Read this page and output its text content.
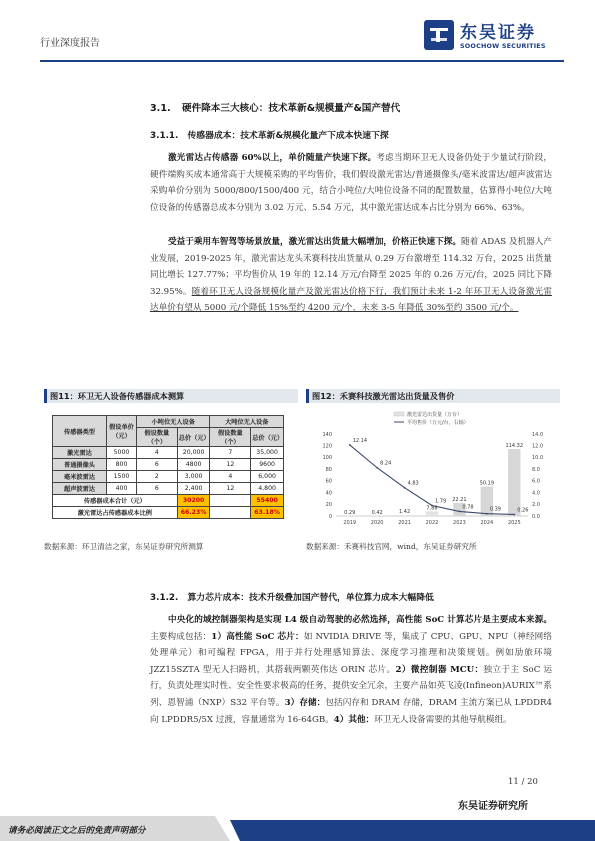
行业深度报告
东吴证券
SOOCHOW SECURITIES
3.1. 硬件降本三大核心：技术革新&规模量产&国产替代
3.1.1. 传感器成本：技术革新&规模化量产下成本快速下探
激光雷达占传感器 60%以上，单价随量产快速下探。考虑当期环卫无人设备仍处于少量试行阶段，硬件端购买成本通常高于大规模采购的平均售价，我们假设激光雷达/普通摄像头/毫米波雷达/超声波雷达采购单价分别为 5000/800/1500/400 元，结合小吨位/大吨位设备不同的配置数量，估算得小吨位/大吨位设备的传感器总成本分别为 3.02 万元、5.54 万元，其中激光雷达成本占比分别为 66%、63%。
受益于乘用车智驾等场景放量，激光雷达出货量大幅增加，价格正快速下探。随着 ADAS 及机器人产业发展，2019-2025 年，激光雷达龙头禾赛科技出货量从 0.29 万台激增至 114.32 万台，2025 出货量同比增长 127.77%；平均售价从 19 年的 12.14 万元/台降至 2025 年的 0.26 万元/台，2025 同比下降 32.95%。随着环卫无人设备规模化量产及激光雷达价格下行，我们预计未来 1-2 年环卫无人设备激光雷达单价有望从 5000 元/个降低 15%至约 4200 元/个，未来 3-5 年降低 30%至约 3500 元/个。
图11：环卫无人设备传感器成本测算
传感器类型	假设单价（元）	小吨位无人设备		大吨位无人设备	
		假设数量（个）	总价（元）	假设数量（个）	总价（元）
激光雷达	5000	4	20,000	7	35,000
普通摄像头	800	6	4800	12	9600
毫米波雷达	1500	2	3,000	4	6,000
超声波雷达	400	6	2,400	12	4,800
传感器成本合计（元）			30200		55400
激光雷达占传感器成本比例			66.23%		63.18%
数据来源：环卫清洁之家，东吴证券研究所测算
图12：禾赛科技激光雷达出货量及售价
激光雷达出货量（万台）
平均售价（万元/台，右轴）
0
20
40
60
80
100
120
140
0.0
2.0
4.0
6.0
8.0
10.0
12.0
14.0
2019	2020	2021	2022	2023	2024	2025
0.29	0.42	1.42
7.88
22.21
50.19
114.32
12.14
8.24
4.83
1.79
0.78	0.39	0.26
数据来源：禾赛科技官网，wind，东吴证券研究所
3.1.2. 算力芯片成本：技术升级叠加国产替代，单位算力成本大幅降低
中央化的域控制器架构是实现 L4 级自动驾驶的必然选择，高性能 SoC 计算芯片是主要成本来源。主要构成包括：1）高性能 SoC 芯片：如 NVIDIA DRIVE 等，集成了 CPU、GPU、NPU（神经网络处理单元）和可编程 FPGA，用于并行处理感知算法、深度学习推理和决策规划。例如劢旅环境 JZZ15SZTA 型无人扫路机，其搭载两颗英伟达 ORIN 芯片。2）微控制器 MCU：独立于主 SoC 运行，负责处理实时性、安全性要求极高的任务，提供安全冗余，主要产品如英飞凌(Infineon)AURIX™系列、恩智浦（NXP）S32 平台等。3）存储：包括闪存和 DRAM 存储，DRAM 主流方案已从 LPDDR4 向 LPDDR5/5X 过渡，容量通常为 16-64GB。4）其他：环卫无人设备需要的其他导航模组。
11 / 20
东吴证券研究所
请务必阅读正文之后的免责声明部分
